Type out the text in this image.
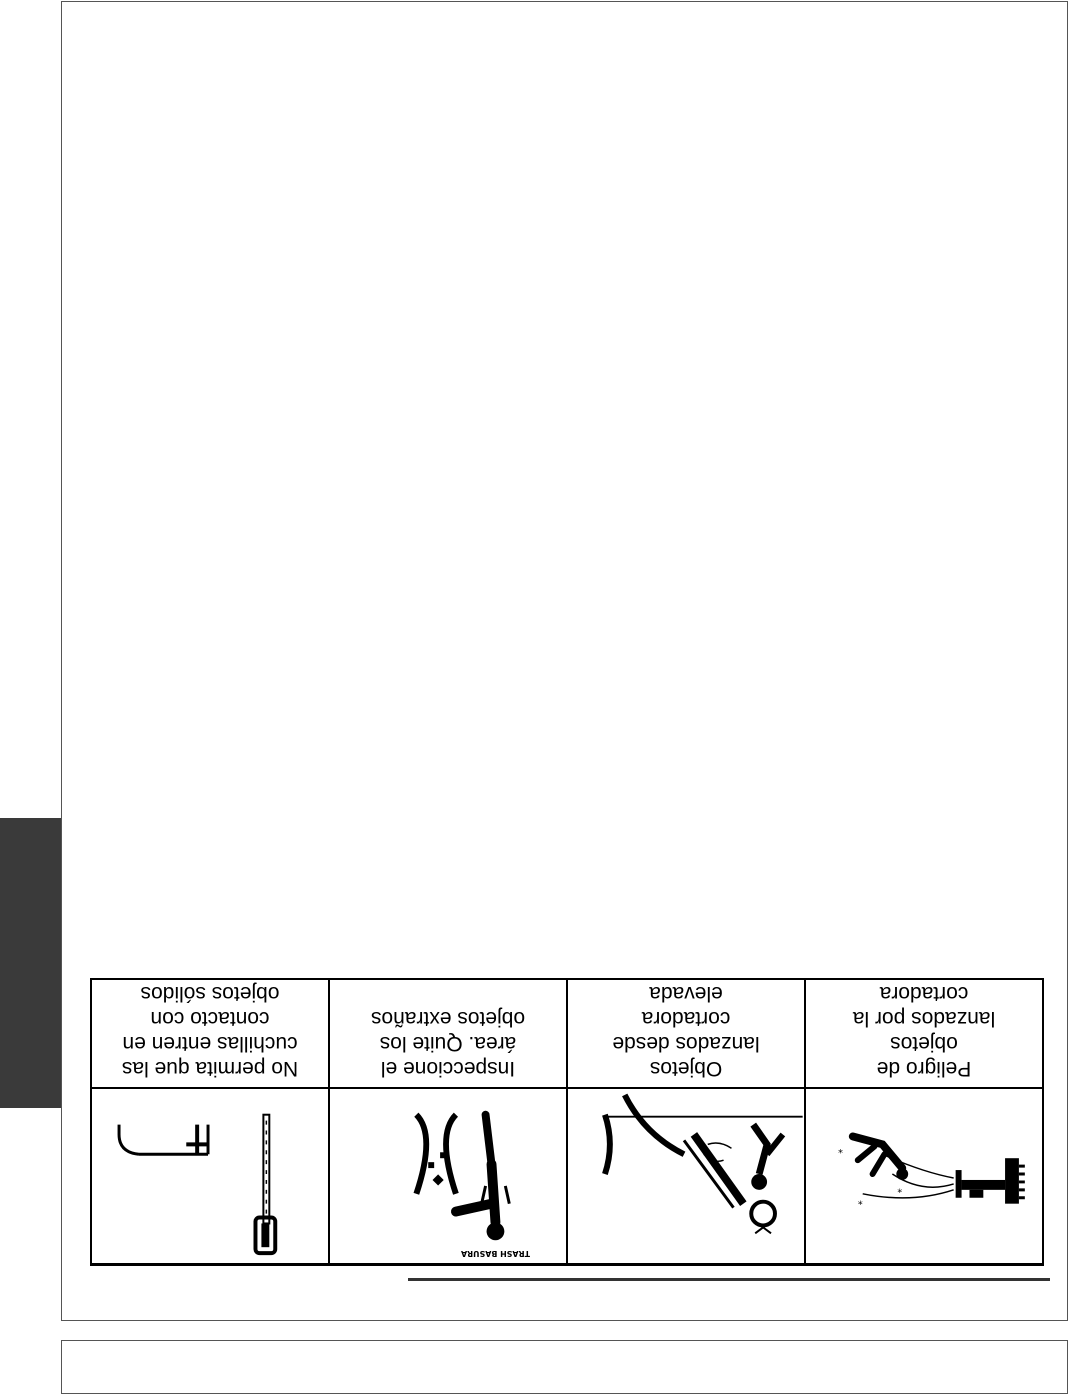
*
*
*
Peligro de
objetos
lanzados por la
cortadora
Objetos
lanzados desde
cortadora
elevada
TRASH BASURA
Inspeccione el
área. Quite los
objetos extraños
No permita que las
cuchillas entren en
contacto con
objetos sólidos
